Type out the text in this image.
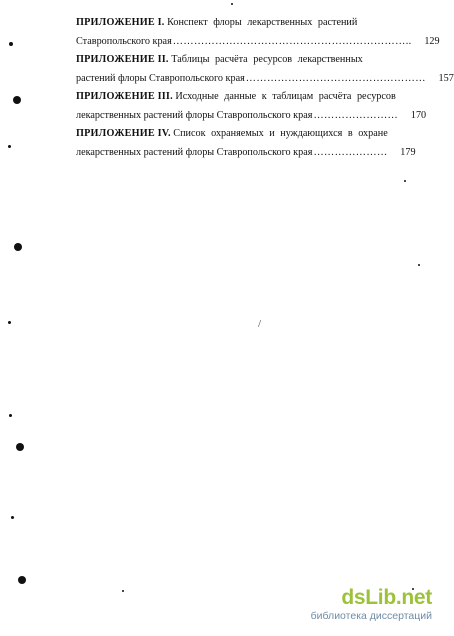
ПРИЛОЖЕНИЕ I.
Конспект флоры лекарственных растений
Ставропольского края …………………………………………………………..	129
ПРИЛОЖЕНИЕ II.
Таблицы расчёта ресурсов лекарственных
растений флоры Ставропольского края ……………………………………………	157
ПРИЛОЖЕНИЕ III.
Исходные данные к таблицам расчёта ресурсов
лекарственных растений флоры Ставропольского края ……………………	170
ПРИЛОЖЕНИЕ IV.
Список охраняемых и нуждающихся в охране
лекарственных растений флоры Ставропольского края …………………	179
/
dsLib.net
библиотека диссертаций
